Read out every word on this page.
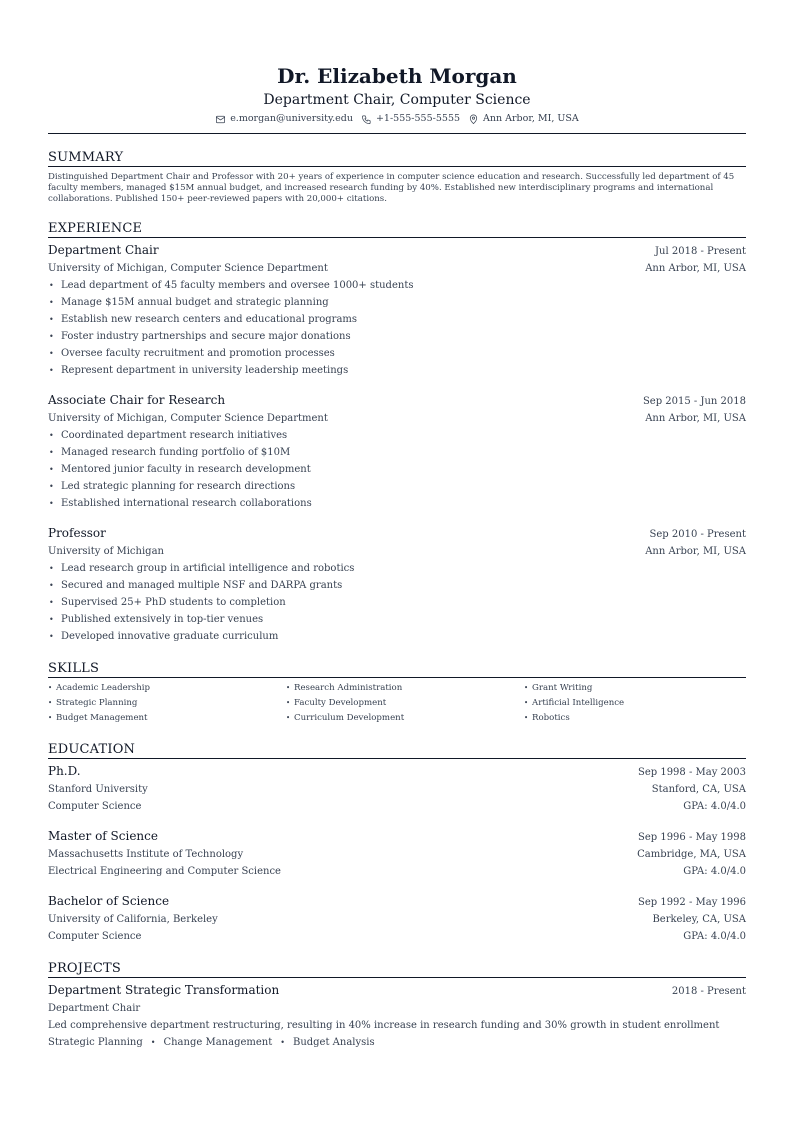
Dr. Elizabeth Morgan
Department Chair, Computer Science
e.morgan@university.edu +1-555-555-5555 Ann Arbor, MI, USA
SUMMARY

Distinguished Department Chair and Professor with 20+ years of experience in computer science education and research. Successfully led department of 45 faculty members, managed $15M annual budget, and increased research funding by 40%. Established new interdisciplinary programs and international collaborations. Published 150+ peer-reviewed papers with 20,000+ citations.

EXPERIENCE
Department Chair	Jul 2018 - Present
University of Michigan, Computer Science Department	Ann Arbor, MI, USA
• Lead department of 45 faculty members and oversee 1000+ students
• Manage $15M annual budget and strategic planning
• Establish new research centers and educational programs
• Foster industry partnerships and secure major donations
• Oversee faculty recruitment and promotion processes
• Represent department in university leadership meetings
Associate Chair for Research	Sep 2015 - Jun 2018
University of Michigan, Computer Science Department	Ann Arbor, MI, USA
• Coordinated department research initiatives
• Managed research funding portfolio of $10M
• Mentored junior faculty in research development
• Led strategic planning for research directions
• Established international research collaborations
Professor	Sep 2010 - Present
University of Michigan	Ann Arbor, MI, USA
• Lead research group in artificial intelligence and robotics
• Secured and managed multiple NSF and DARPA grants
• Supervised 25+ PhD students to completion
• Published extensively in top-tier venues
• Developed innovative graduate curriculum
SKILLS
• Academic Leadership	• Research Administration	• Grant Writing
• Strategic Planning	• Faculty Development	• Artificial Intelligence
• Budget Management	• Curriculum Development	• Robotics
EDUCATION
Ph.D.	Sep 1998 - May 2003
Stanford University	Stanford, CA, USA
Computer Science	GPA: 4.0/4.0
Master of Science	Sep 1996 - May 1998
Massachusetts Institute of Technology	Cambridge, MA, USA
Electrical Engineering and Computer Science	GPA: 4.0/4.0
Bachelor of Science	Sep 1992 - May 1996
University of California, Berkeley	Berkeley, CA, USA
Computer Science	GPA: 4.0/4.0
PROJECTS
Department Strategic Transformation	2018 - Present
Department Chair
Led comprehensive department restructuring, resulting in 40% increase in research funding and 30% growth in student enrollment
Strategic Planning • Change Management • Budget Analysis
